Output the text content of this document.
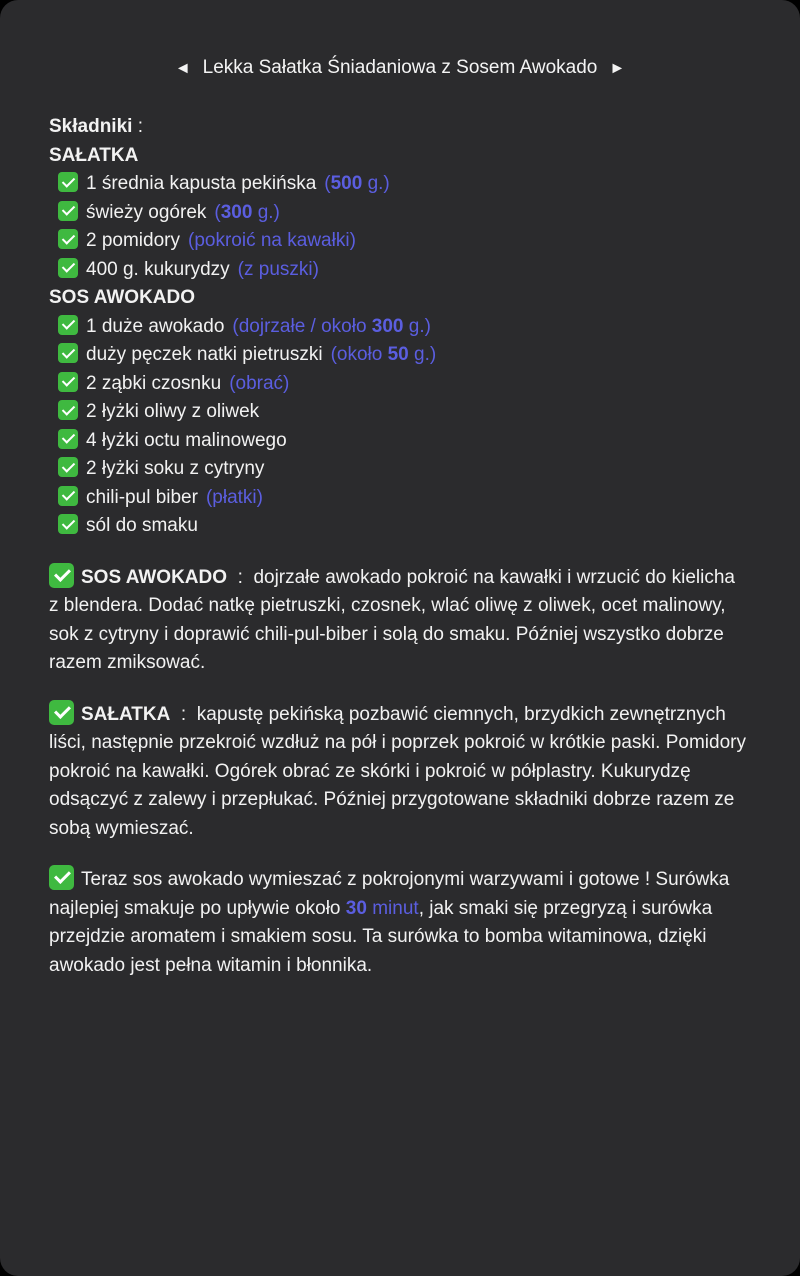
◄ Lekka Sałatka Śniadaniowa z Sosem Awokado ►
Składniki :
SAŁATKA
1 średnia kapusta pekińska (500 g.)
świeży ogórek (300 g.)
2 pomidory (pokroić na kawałki)
400 g. kukurydzy (z puszki)
SOS AWOKADO
1 duże awokado (dojrzałe / około 300 g.)
duży pęczek natki pietruszki (około 50 g.)
2 ząbki czosnku (obrać)
2 łyżki oliwy z oliwek
4 łyżki octu malinowego
2 łyżki soku z cytryny
chili-pul biber (płatki)
sól do smaku

SOS AWOKADO  :  dojrzałe awokado pokroić na kawałki i wrzucić do kielicha z blendera. Dodać natkę pietruszki, czosnek, wlać oliwę z oliwek, ocet malinowy, sok z cytryny i doprawić chili-pul-biber i solą do smaku. Później wszystko dobrze razem zmiksować.

SAŁATKA  :  kapustę pekińską pozbawić ciemnych, brzydkich zewnętrznych liści, następnie przekroić wzdłuż na pół i poprzek pokroić w krótkie paski. Pomidory pokroić na kawałki. Ogórek obrać ze skórki i pokroić w półplastry. Kukurydzę odsączyć z zalewy i przepłukać. Później przygotowane składniki dobrze razem ze sobą wymieszać.

Teraz sos awokado wymieszać z pokrojonymi warzywami i gotowe ! Surówka najlepiej smakuje po upływie około 30 minut, jak smaki się przegryzą i surówka przejdzie aromatem i smakiem sosu. Ta surówka to bomba witaminowa, dzięki awokado jest pełna witamin i błonnika.
